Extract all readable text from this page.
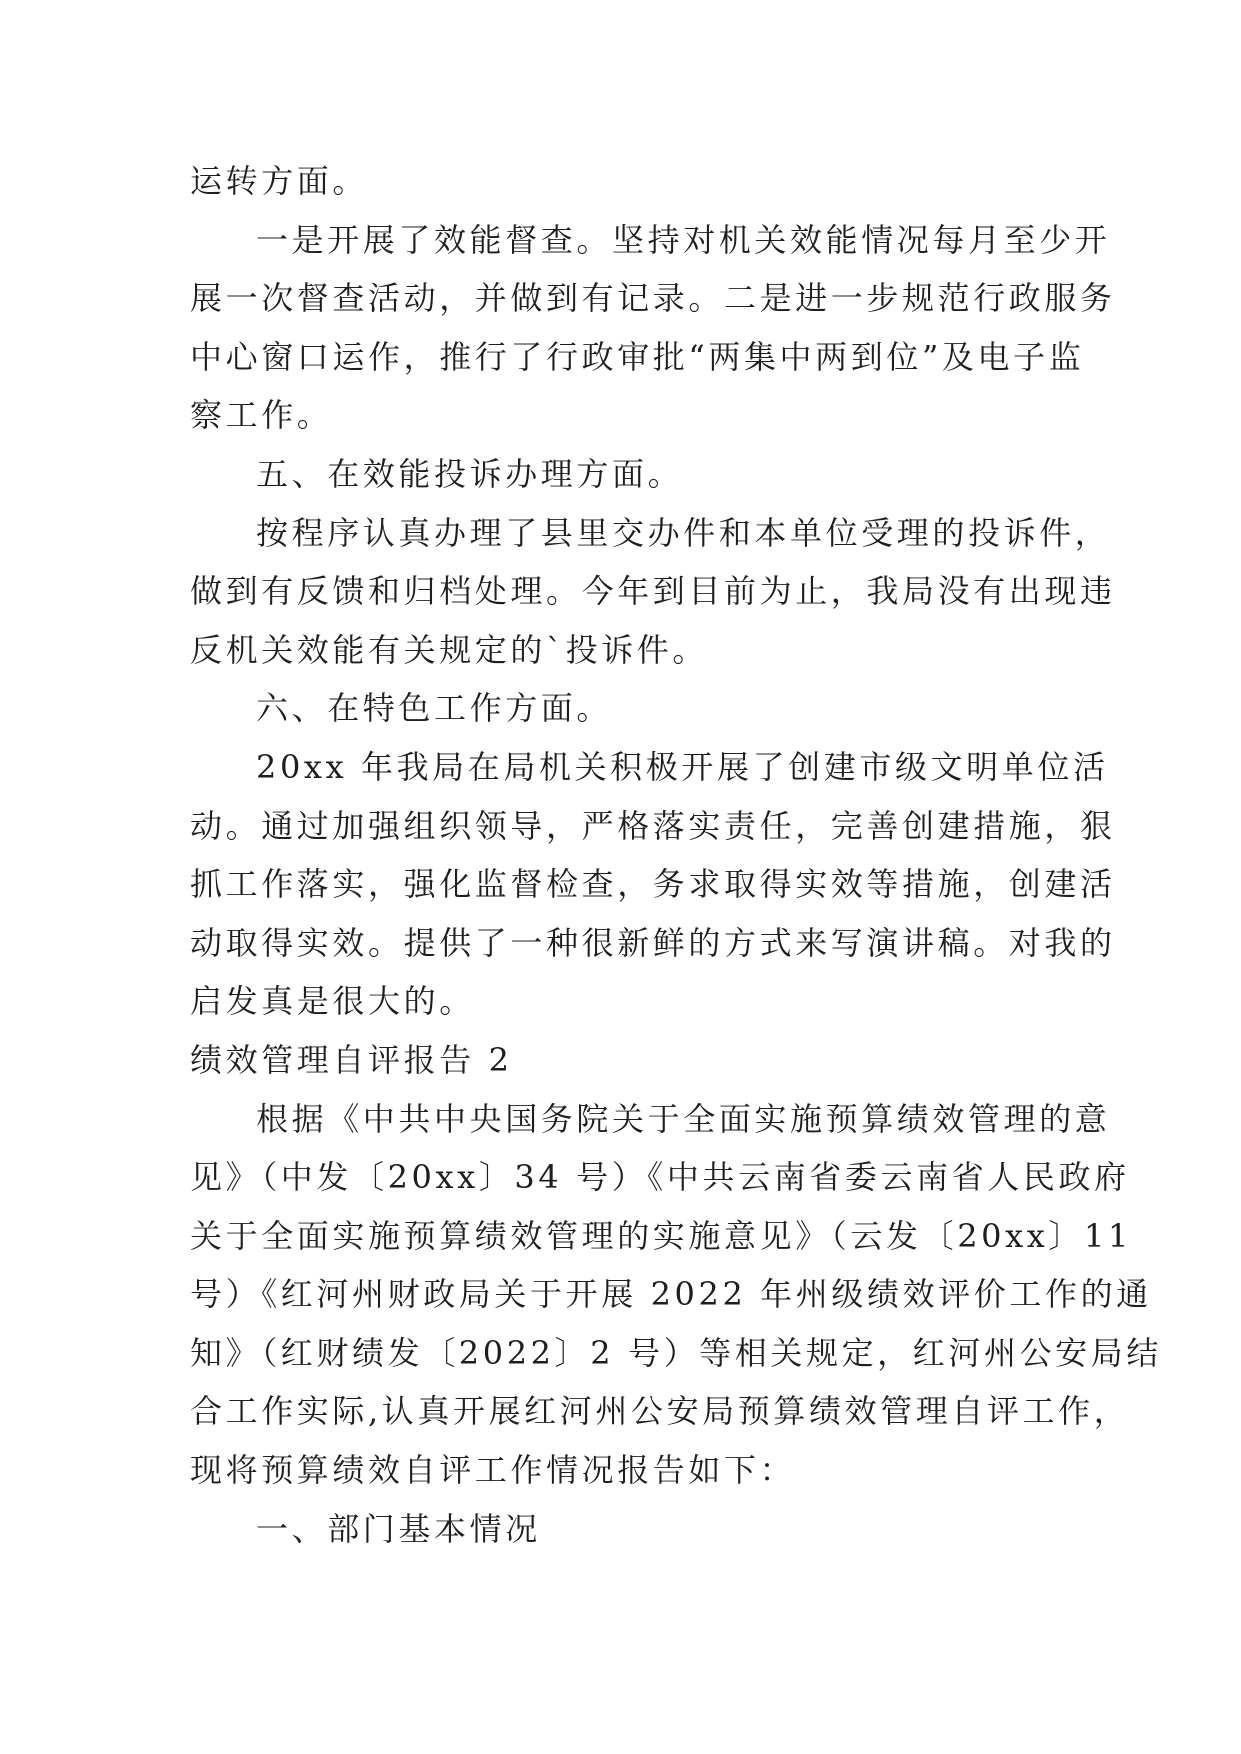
运转方面。
一是开展了效能督查。坚持对机关效能情况每月至少开
展一次督查活动，并做到有记录。二是进一步规范行政服务
中心窗口运作，推行了行政审批“两集中两到位”及电子监
察工作。
五、在效能投诉办理方面。
按程序认真办理了县里交办件和本单位受理的投诉件，
做到有反馈和归档处理。今年到目前为止，我局没有出现违
反机关效能有关规定的`投诉件。
六、在特色工作方面。
20xx 年我局在局机关积极开展了创建市级文明单位活
动。通过加强组织领导，严格落实责任，完善创建措施，狠
抓工作落实，强化监督检查，务求取得实效等措施，创建活
动取得实效。提供了一种很新鲜的方式来写演讲稿。对我的
启发真是很大的。
绩效管理自评报告 2
根据《中共中央国务院关于全面实施预算绩效管理的意
见》（中发〔20xx〕34 号）《中共云南省委云南省人民政府
关于全面实施预算绩效管理的实施意见》（云发〔20xx〕11
号）《红河州财政局关于开展 2022 年州级绩效评价工作的通
知》（红财绩发〔2022〕2 号）等相关规定，红河州公安局结
合工作实际,认真开展红河州公安局预算绩效管理自评工作，
现将预算绩效自评工作情况报告如下：
一、部门基本情况
